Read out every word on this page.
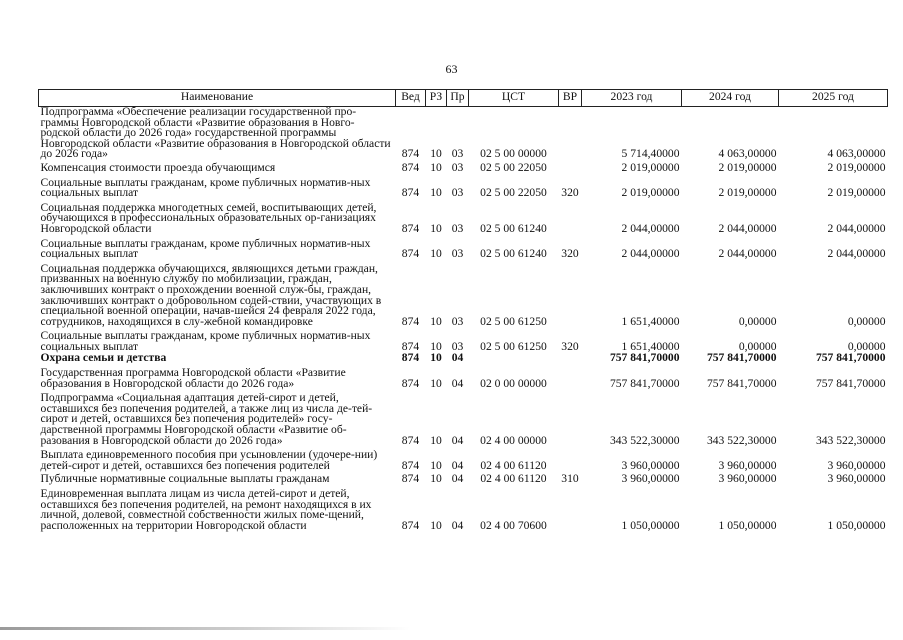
63
Наименование	Вед	РЗ	Пр	ЦСТ	ВР	2023 год	2024 год	2025 год
Подпрограмма «Обеспечение реализации государственной про-граммы Новгородской области «Развитие образования в Новго-родской области до 2026 года» государственной программы Новгородской области «Развитие образования в Новгородской области до 2026 года»	874	10	03	02 5 00 00000		5 714,40000	4 063,00000	4 063,00000
Компенсация стоимости проезда обучающимся	874	10	03	02 5 00 22050		2 019,00000	2 019,00000	2 019,00000
Социальные выплаты гражданам, кроме публичных норматив-ных социальных выплат	874	10	03	02 5 00 22050	320	2 019,00000	2 019,00000	2 019,00000
Социальная поддержка многодетных семей, воспитывающих детей, обучающихся в профессиональных образовательных ор-ганизациях Новгородской области	874	10	03	02 5 00 61240		2 044,00000	2 044,00000	2 044,00000
Социальные выплаты гражданам, кроме публичных норматив-ных социальных выплат	874	10	03	02 5 00 61240	320	2 044,00000	2 044,00000	2 044,00000
Социальная поддержка обучающихся, являющихся детьми граждан, призванных на военную службу по мобилизации, граждан, заключивших контракт о прохождении военной служ-бы, граждан, заключивших контракт о добровольном содей-ствии, участвующих в специальной военной операции, начав-шейся 24 февраля 2022 года, сотрудников, находящихся в слу-жебной командировке	874	10	03	02 5 00 61250		1 651,40000	0,00000	0,00000
Социальные выплаты гражданам, кроме публичных норматив-ных социальных выплат	874	10	03	02 5 00 61250	320	1 651,40000	0,00000	0,00000
Охрана семьи и детства	874	10	04			757 841,70000	757 841,70000	757 841,70000
Государственная программа Новгородской области «Развитие образования в Новгородской области до 2026 года»	874	10	04	02 0 00 00000		757 841,70000	757 841,70000	757 841,70000
Подпрограмма «Социальная адаптация детей-сирот и детей, оставшихся без попечения родителей, а также лиц из числа де-тей-сирот и детей, оставшихся без попечения родителей» госу-дарственной программы Новгородской области «Развитие об-разования в Новгородской области до 2026 года»	874	10	04	02 4 00 00000		343 522,30000	343 522,30000	343 522,30000
Выплата единовременного пособия при усыновлении (удочере-нии) детей-сирот и детей, оставшихся без попечения родителей	874	10	04	02 4 00 61120		3 960,00000	3 960,00000	3 960,00000
Публичные нормативные социальные выплаты гражданам	874	10	04	02 4 00 61120	310	3 960,00000	3 960,00000	3 960,00000
Единовременная выплата лицам из числа детей-сирот и детей, оставшихся без попечения родителей, на ремонт находящихся в их личной, долевой, совместной собственности жилых поме-щений, расположенных на территории Новгородской области	874	10	04	02 4 00 70600		1 050,00000	1 050,00000	1 050,00000
